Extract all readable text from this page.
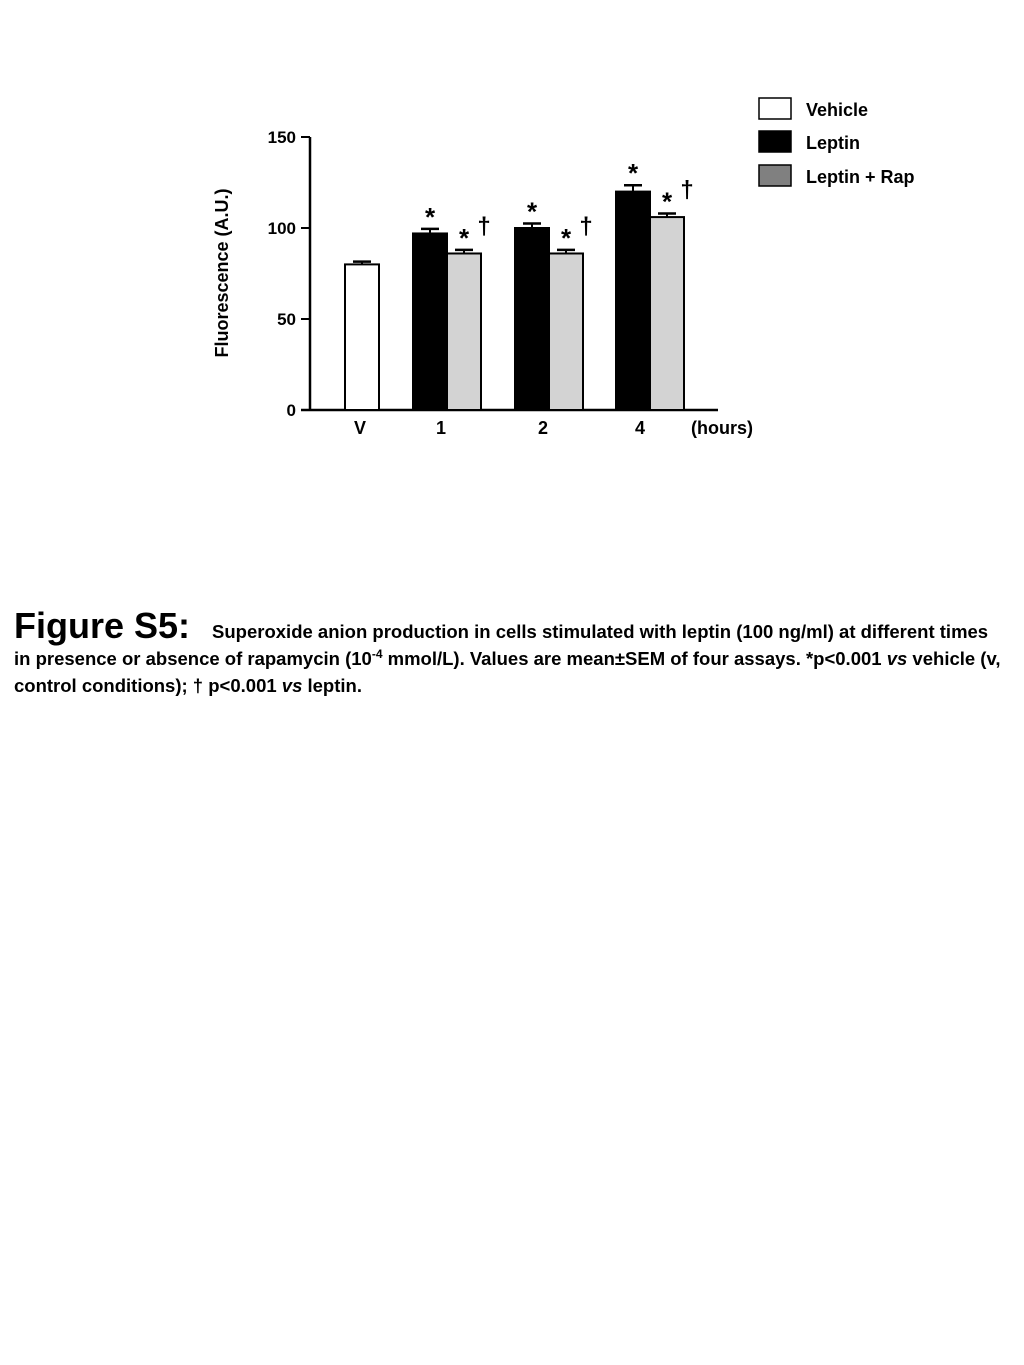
0
50
100
150
Fluorescence (A.U.)
V	1	2	4	(hours)
*
* † *
* †
*
* †
Vehicle
Leptin
Leptin + Rap
Figure S5: Superoxide anion production in cells stimulated with leptin (100 ng/ml) at different times in presence or absence of rapamycin ($10^{-4}$ mmol/L). Values are mean±SEM of four assays. *p<0.001 vs vehicle (v, control conditions); † p<0.001 vs leptin.
